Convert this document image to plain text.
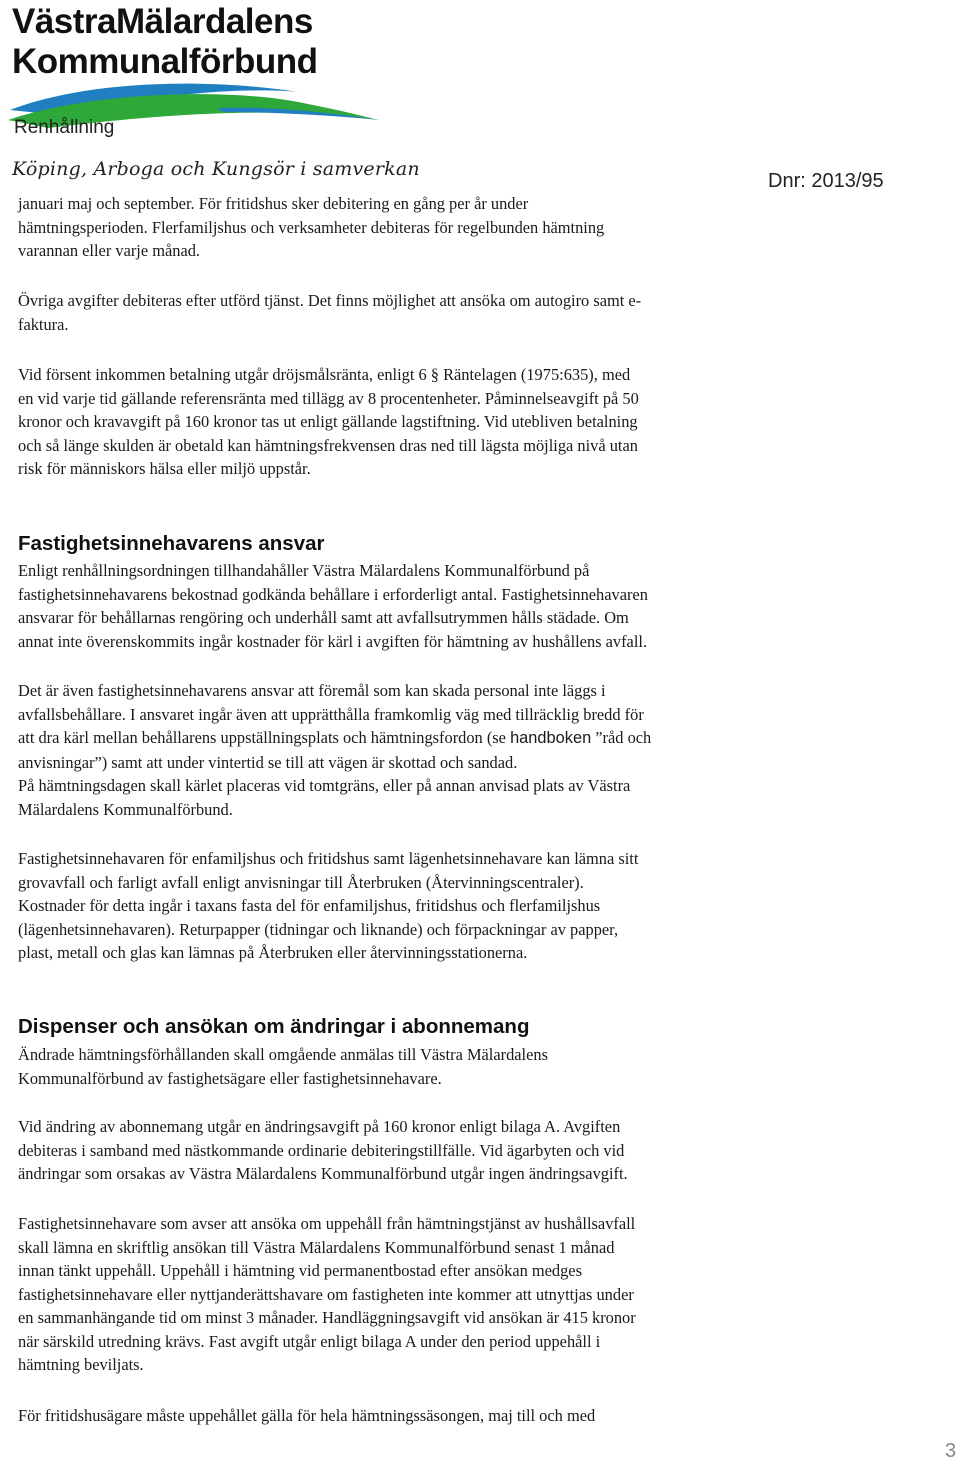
VästraMälardalens
Kommunalförbund
Renhållning
Köping, Arboga och Kungsör i samverkan
Dnr: 2013/95
januari maj och september. För fritidshus sker debitering en gång per år under
hämtningsperioden. Flerfamiljshus och verksamheter debiteras för regelbunden hämtning
varannan eller varje månad.
Övriga avgifter debiteras efter utförd tjänst. Det finns möjlighet att ansöka om autogiro samt e-
faktura.
Vid försent inkommen betalning utgår dröjsmålsränta, enligt 6 § Räntelagen (1975:635), med
en vid varje tid gällande referensränta med tillägg av 8 procentenheter. Påminnelseavgift på 50
kronor och kravavgift på 160 kronor tas ut enligt gällande lagstiftning. Vid utebliven betalning
och så länge skulden är obetald kan hämtningsfrekvensen dras ned till lägsta möjliga nivå utan
risk för människors hälsa eller miljö uppstår.
Fastighetsinnehavarens ansvar
Enligt renhållningsordningen tillhandahåller Västra Mälardalens Kommunalförbund på
fastighetsinnehavarens bekostnad godkända behållare i erforderligt antal. Fastighetsinnehavaren
ansvarar för behållarnas rengöring och underhåll samt att avfallsutrymmen hålls städade. Om
annat inte överenskommits ingår kostnader för kärl i avgiften för hämtning av hushållens avfall.
Det är även fastighetsinnehavarens ansvar att föremål som kan skada personal inte läggs i
avfallsbehållare. I ansvaret ingår även att upprätthålla framkomlig väg med tillräcklig bredd för
att dra kärl mellan behållarens uppställningsplats och hämtningsfordon (se handboken ”råd och
anvisningar”) samt att under vintertid se till att vägen är skottad och sandad.
På hämtningsdagen skall kärlet placeras vid tomtgräns, eller på annan anvisad plats av Västra
Mälardalens Kommunalförbund.
Fastighetsinnehavaren för enfamiljshus och fritidshus samt lägenhetsinnehavare kan lämna sitt
grovavfall och farligt avfall enligt anvisningar till Återbruken (Återvinningscentraler).
Kostnader för detta ingår i taxans fasta del för enfamiljshus, fritidshus och flerfamiljshus
(lägenhetsinnehavaren). Returpapper (tidningar och liknande) och förpackningar av papper,
plast, metall och glas kan lämnas på Återbruken eller återvinningsstationerna.
Dispenser och ansökan om ändringar i abonnemang
Ändrade hämtningsförhållanden skall omgående anmälas till Västra Mälardalens
Kommunalförbund av fastighetsägare eller fastighetsinnehavare.
Vid ändring av abonnemang utgår en ändringsavgift på 160 kronor enligt bilaga A. Avgiften
debiteras i samband med nästkommande ordinarie debiteringstillfälle. Vid ägarbyten och vid
ändringar som orsakas av Västra Mälardalens Kommunalförbund utgår ingen ändringsavgift.
Fastighetsinnehavare som avser att ansöka om uppehåll från hämtningstjänst av hushållsavfall
skall lämna en skriftlig ansökan till Västra Mälardalens Kommunalförbund senast 1 månad
innan tänkt uppehåll. Uppehåll i hämtning vid permanentbostad efter ansökan medges
fastighetsinnehavare eller nyttjanderättshavare om fastigheten inte kommer att utnyttjas under
en sammanhängande tid om minst 3 månader. Handläggningsavgift vid ansökan är 415 kronor
när särskild utredning krävs. Fast avgift utgår enligt bilaga A under den period uppehåll i
hämtning beviljats.
För fritidshusägare måste uppehållet gälla för hela hämtningssäsongen, maj till och med
3
